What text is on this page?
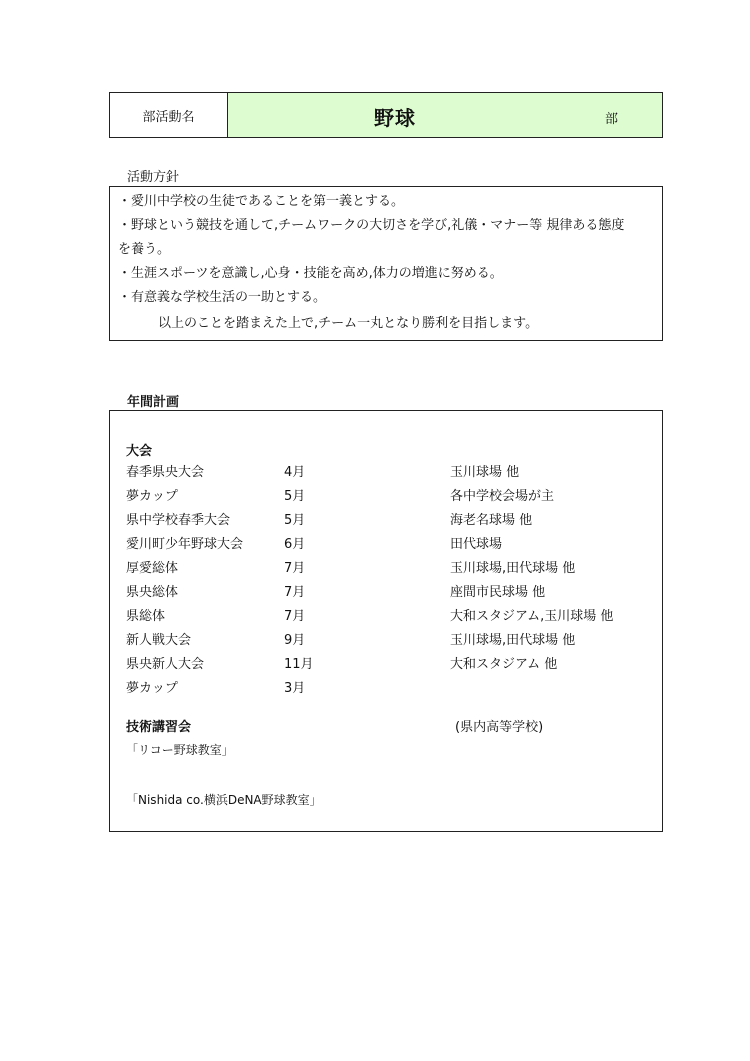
部活動名	野球	部
活動方針
・愛川中学校の生徒であることを第一義とする。
・野球という競技を通して,チームワークの大切さを学び,礼儀・マナー等 規律ある態度
を養う。
・生涯スポーツを意識し,心身・技能を高め,体力の増進に努める。
・有意義な学校生活の一助とする。
以上のことを踏まえた上で,チーム一丸となり勝利を目指します。
年間計画
大会
春季県央大会	4月	玉川球場 他
夢カップ	5月	各中学校会場が主
県中学校春季大会	5月	海老名球場 他
愛川町少年野球大会	6月	田代球場
厚愛総体	7月	玉川球場,田代球場 他
県央総体	7月	座間市民球場 他
県総体	7月	大和スタジアム,玉川球場 他
新人戦大会	9月	玉川球場,田代球場 他
県央新人大会	11月	大和スタジアム 他
夢カップ	3月
技術講習会	(県内高等学校)
「リコー野球教室」
「Nishida co.横浜DeNA野球教室」
